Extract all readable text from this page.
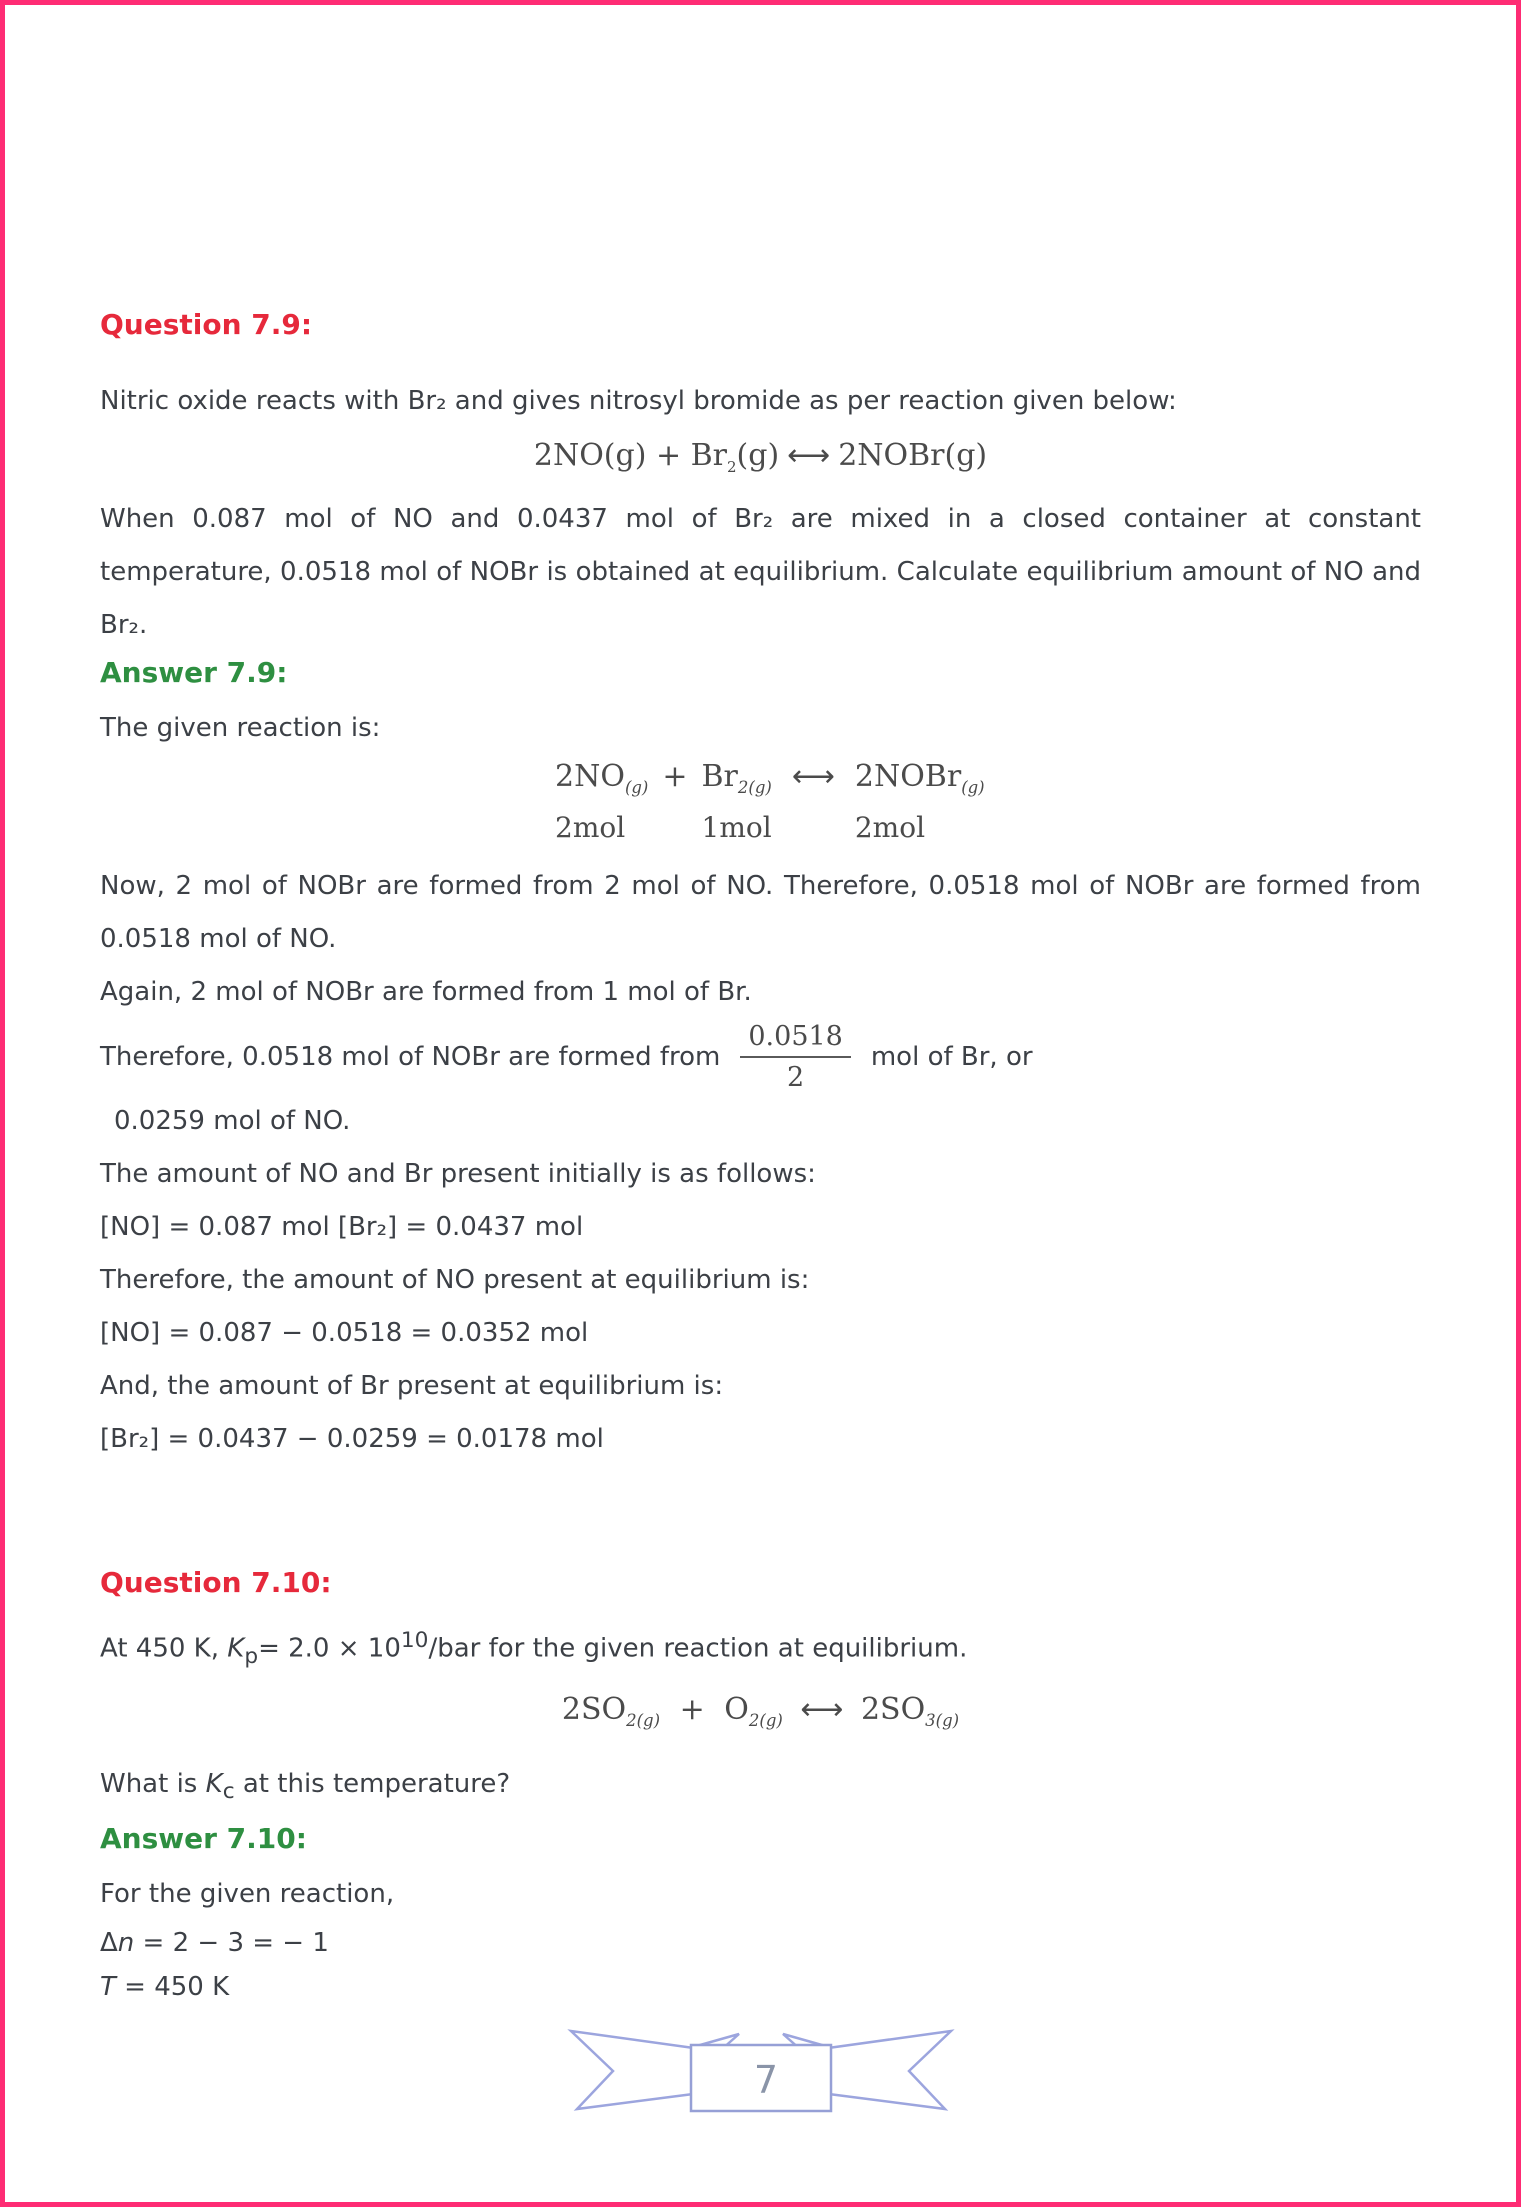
Question 7.9:

Nitric oxide reacts with Br₂ and gives nitrosyl bromide as per reaction given below:

$2NO(g) + Br_2(g)$ ⟷ 2NOBr(g)

When 0.087 mol of NO and 0.0437 mol of Br₂ are mixed in a closed container at constant temperature, 0.0518 mol of NOBr is obtained at equilibrium. Calculate equilibrium amount of NO and Br₂.

Answer 7.9:

The given reaction is:

$2NO_{(g)}$	+	$Br_{2(g)}$	⟷	2NOBr$_{(g)}$
2mol		1mol		2mol

Now, 2 mol of NOBr are formed from 2 mol of NO. Therefore, 0.0518 mol of NOBr are formed from 0.0518 mol of NO.

Again, 2 mol of NOBr are formed from 1 mol of Br.

Therefore, 0.0518 mol of NOBr are formed from $\frac{0.0518}{2}$ mol of Br, or

0.0259 mol of NO.

The amount of NO and Br present initially is as follows:

[NO] = 0.087 mol [Br₂] = 0.0437 mol

Therefore, the amount of NO present at equilibrium is:

[NO] = 0.087 − 0.0518 = 0.0352 mol

And, the amount of Br present at equilibrium is:

[Br₂] = 0.0437 − 0.0259 = 0.0178 mol

Question 7.10:

At 450 K, $K_p= 2.0 \times 10^{10}/bar$ for the given reaction at equilibrium.

$2SO_{2(g)} + O_{2(g)}$ ⟷ $2SO_{3(g)}$

What is $K_c$ at this temperature?

Answer 7.10:

For the given reaction,

Δn = 2 − 3 = − 1

T = 450 K

7
